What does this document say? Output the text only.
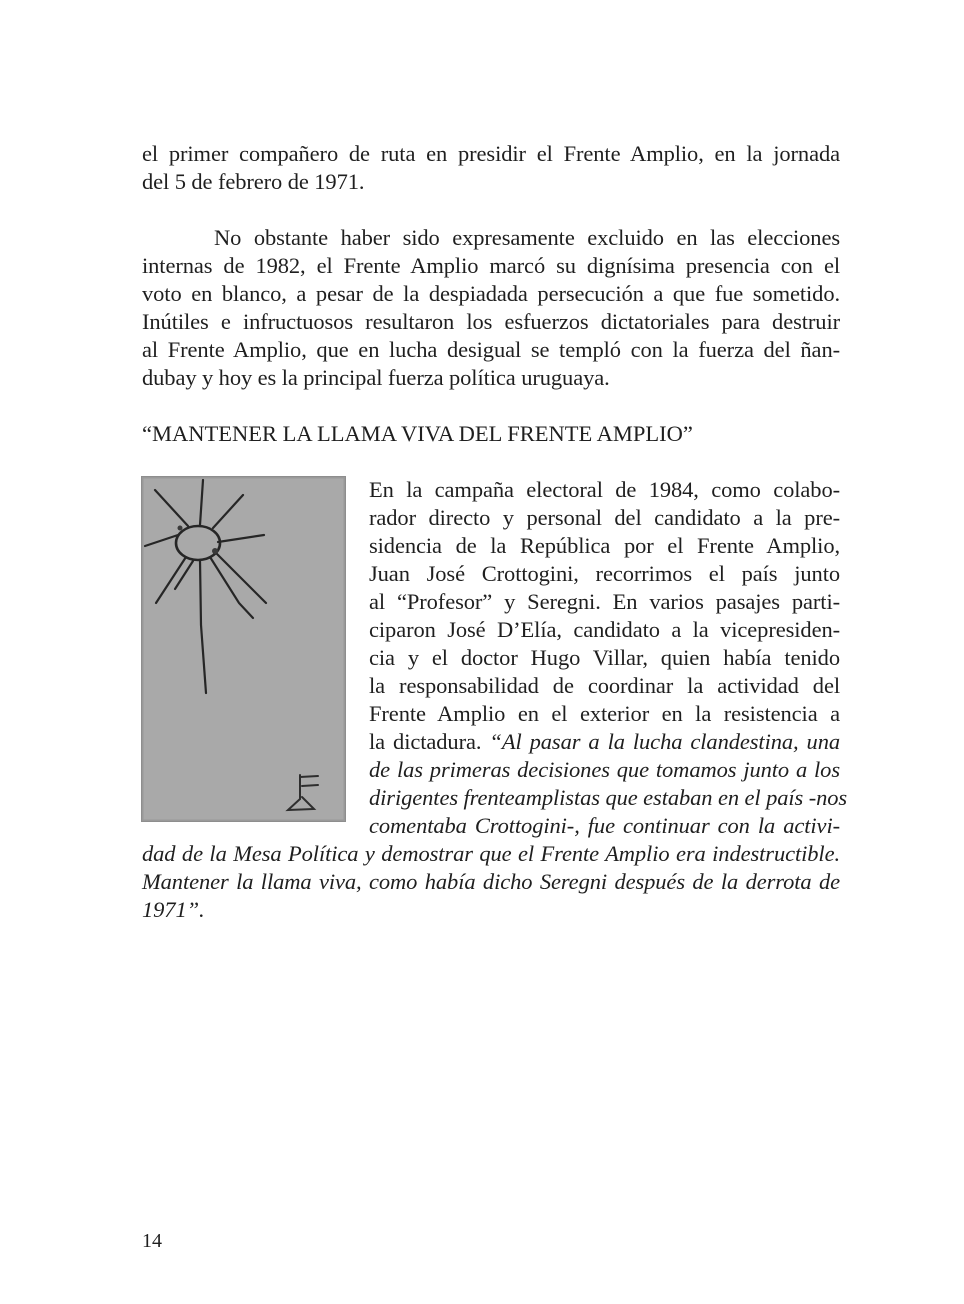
el primer compañero de ruta en presidir el Frente Amplio, en la jornada
del 5 de febrero de 1971.
No obstante haber sido expresamente excluido en las elecciones
internas de 1982, el Frente Amplio marcó su dignísima presencia con el
voto en blanco, a pesar de la despiadada persecución a que fue sometido.
Inútiles e infructuosos resultaron los esfuerzos dictatoriales para destruir
al Frente Amplio, que en lucha desigual se templó con la fuerza del ñan-
dubay y hoy es la principal fuerza política uruguaya.
“MANTENER LA LLAMA VIVA DEL FRENTE AMPLIO”
En la campaña electoral de 1984, como colabo-
rador directo y personal del candidato a la pre-
sidencia de la República por el Frente Amplio,
Juan José Crottogini, recorrimos el país junto
al “Profesor” y Seregni. En varios pasajes parti-
ciparon José D’Elía, candidato a la vicepresiden-
cia y el doctor Hugo Villar, quien había tenido
la responsabilidad de coordinar la actividad del
Frente Amplio en el exterior en la resistencia a
la dictadura. “Al pasar a la lucha clandestina, una
de las primeras decisiones que tomamos junto a los
dirigentes frenteamplistas que estaban en el país -nos
comentaba Crottogini-, fue continuar con la activi-
dad de la Mesa Política y demostrar que el Frente Amplio era indestructible.
Mantener la llama viva, como había dicho Seregni después de la derrota de
1971”.
14
